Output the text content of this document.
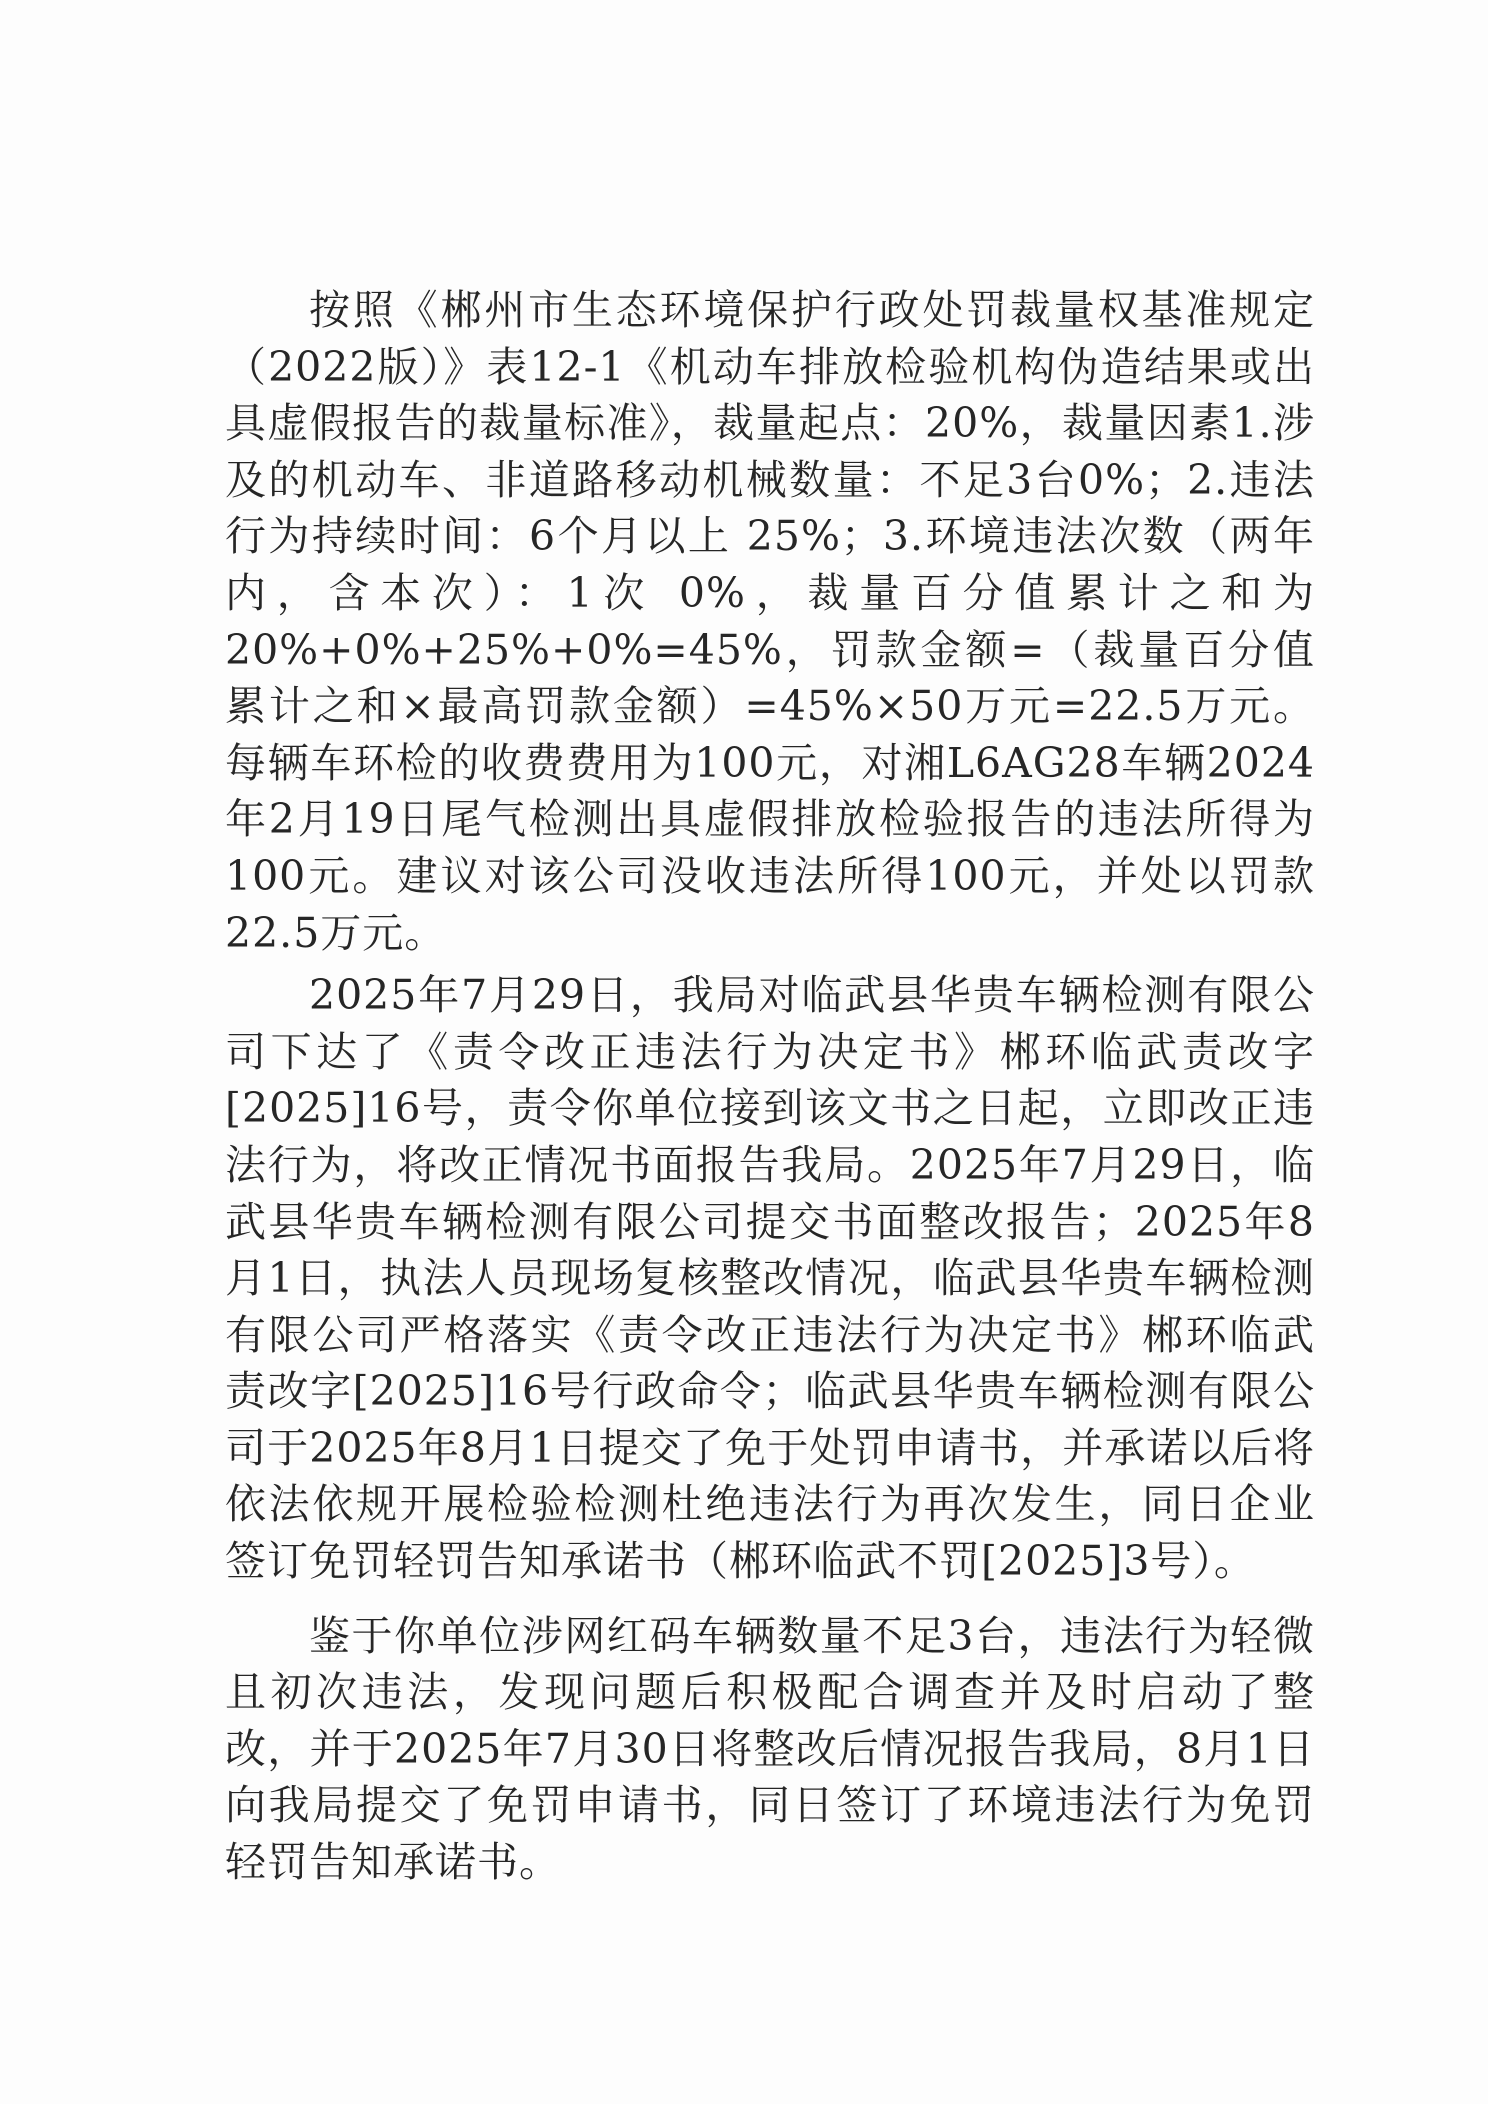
按照《郴州市生态环境保护行政处罚裁量权基准规定（2022版）》表12-1《机动车排放检验机构伪造结果或出具虚假报告的裁量标准》，裁量起点：20%，裁量因素1.涉及的机动车、非道路移动机械数量：不足3台0%；2.违法行为持续时间：6个月以上 25%；3.环境违法次数（两年内，含本次）：1次 0%，裁量百分值累计之和为20%+0%+25%+0%=45%，罚款金额=（裁量百分值累计之和×最高罚款金额）=45%×50万元=22.5万元。每辆车环检的收费费用为100元，对湘L6AG28车辆2024年2月19日尾气检测出具虚假排放检验报告的违法所得为100元。建议对该公司没收违法所得100元，并处以罚款22.5万元。

2025年7月29日，我局对临武县华贵车辆检测有限公司下达了《责令改正违法行为决定书》郴环临武责改字[2025]16号，责令你单位接到该文书之日起，立即改正违法行为，将改正情况书面报告我局。2025年7月29日，临武县华贵车辆检测有限公司提交书面整改报告；2025年8月1日，执法人员现场复核整改情况，临武县华贵车辆检测有限公司严格落实《责令改正违法行为决定书》郴环临武责改字[2025]16号行政命令；临武县华贵车辆检测有限公司于2025年8月1日提交了免于处罚申请书，并承诺以后将依法依规开展检验检测杜绝违法行为再次发生，同日企业签订免罚轻罚告知承诺书（郴环临武不罚[2025]3号）。

鉴于你单位涉网红码车辆数量不足3台，违法行为轻微且初次违法，发现问题后积极配合调查并及时启动了整改，并于2025年7月30日将整改后情况报告我局，8月1日向我局提交了免罚申请书，同日签订了环境违法行为免罚轻罚告知承诺书。
